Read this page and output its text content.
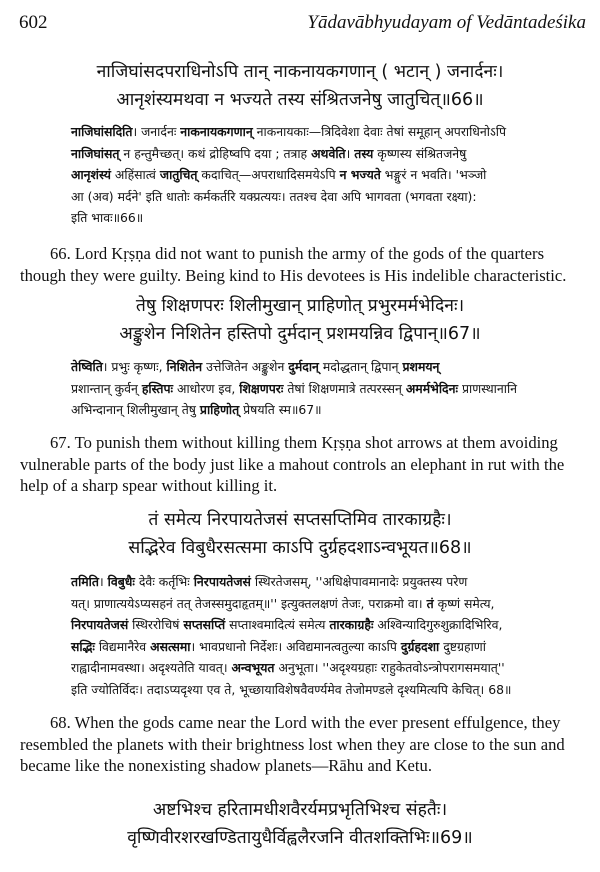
602	Yādavābhyudayam of Vedāntadeśika
नाजिघांसदपराधिनोऽपि तान् नाकनायकगणान् ( भटान् ) जनार्दनः।
आनृशंस्यमथवा न भज्यते तस्य संश्रितजनेषु जातुचित्॥66॥
नाजिघांसदिति। जनार्दनः नाकनायकगणान् नाकनायकाः—त्रिदिवेशा देवाः तेषां समूहान् अपराधिनोऽपि
नाजिघांसत् न हन्तुमैच्छत्। कथं द्रोहिष्वपि दया ; तत्राह अथवेति। तस्य कृष्णस्य संश्रितजनेषु
आनृशंस्यं अहिंसात्वं जातुचित् कदाचित्—अपराधादिसमयेऽपि न भज्यते भङ्गुरं न भवति। 'भञ्जो
आ (अव) मर्दने' इति धातोः कर्मकर्तरि यक्प्रत्ययः। ततश्च देवा अपि भागवता (भगवता रक्ष्या):
इति भावः॥66॥
66. Lord Kṛṣṇa did not want to punish the army of the gods of the quarters
though they were guilty. Being kind to His devotees is His indelible characteristic.
तेषु शिक्षणपरः शिलीमुखान् प्राहिणोत् प्रभुरमर्मभेदिनः।
अङ्कुशेन निशितेन हस्तिपो दुर्मदान् प्रशमयन्निव द्विपान्॥67॥
तेष्विति। प्रभुः कृष्णः, निशितेन उत्तेजितेन अङ्कुशेन दुर्मदान् मदोद्धतान् द्विपान् प्रशमयन्
प्रशान्तान् कुर्वन् हस्तिपः आधोरण इव, शिक्षणपरः तेषां शिक्षणमात्रे तत्परस्सन् अमर्मभेदिनः प्राणस्थानानि
अभिन्दानान् शिलीमुखान् तेषु प्राहिणोत् प्रेषयति स्म॥67॥
67. To punish them without killing them Kṛṣṇa shot arrows at them avoiding
vulnerable parts of the body just like a mahout controls an elephant in rut with the
help of a sharp spear without killing it.
तं समेत्य निरपायतेजसं सप्तसप्तिमिव तारकाग्रहैः।
सद्भिरेव विबुधैरसत्समा काऽपि दुर्ग्रहदशाऽन्वभूयत॥68॥
तमिति। विबुधैः देवैः कर्तृभिः निरपायतेजसं स्थिरतेजसम्, ''अधिक्षेपावमानादेः प्रयुक्तस्य परेण
यत्। प्राणात्ययेऽप्यसहनं तत् तेजस्समुदाहृतम्॥'' इत्युक्तलक्षणं तेजः, पराक्रमो वा। तं कृष्णं समेत्य,
निरपायतेजसं स्थिररोचिषं सप्तसप्तिं सप्ताश्वमादित्यं समेत्य तारकाग्रहैः अश्विन्यादिगुरुशुक्रादिभिरिव,
सद्भिः विद्यमानैरेव असत्समा। भावप्रधानो निर्देशः। अविद्यमानत्वतुल्या काऽपि दुर्ग्रहदशा दुष्टग्रहाणां
राह्वादीनामवस्था। अदृश्यतेति यावत्। अन्वभूयत अनुभूता। ''अदृश्यग्रहाः राहुकेतवोऽन्त्रोपरागसमयात्''
इति ज्योतिर्विदः। तदाऽप्यदृश्या एव ते, भूच्छायाविशेषवैवर्ण्यमेव तेजोमण्डले दृश्यमित्यपि केचित्। 68॥
68. When the gods came near the Lord with the ever present effulgence, they
resembled the planets with their brightness lost when they are close to the sun and
became like the nonexisting shadow planets—Rāhu and Ketu.
अष्टभिश्च हरितामधीशवैरर्यमप्रभृतिभिश्च संहतैः।
वृष्णिवीरशरखण्डितायुधैर्विह्वलैरजनि वीतशक्तिभिः॥69॥
